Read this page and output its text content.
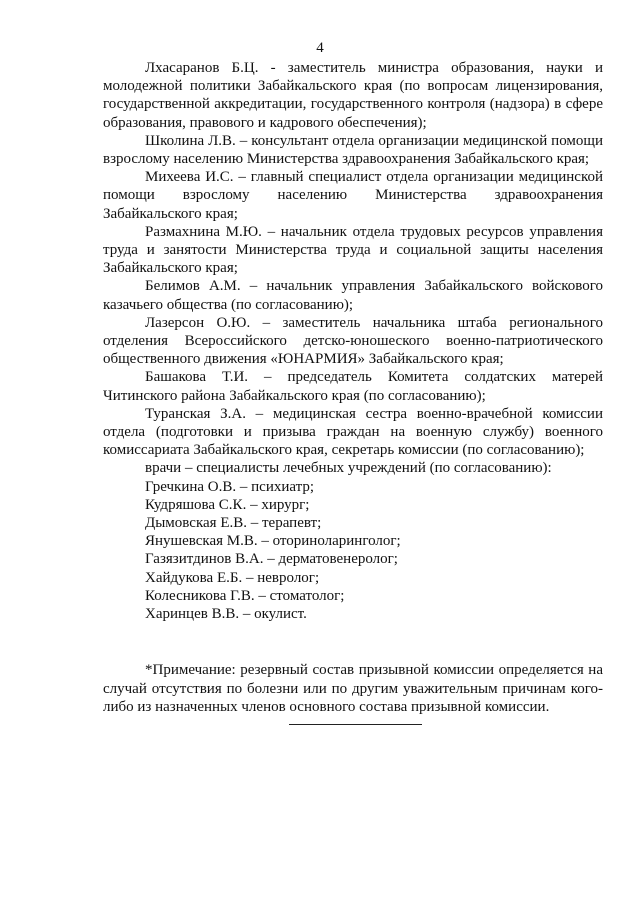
4

Лхасаранов Б.Ц. - заместитель министра образования, науки и молодежной политики Забайкальского края (по вопросам лицензирования, государственной аккредитации, государственного контроля (надзора) в сфере образования, правового и кадрового обеспечения);

Школина Л.В. – консультант отдела организации медицинской помощи взрослому населению Министерства здравоохранения Забайкальского края;

Михеева И.С. – главный специалист отдела организации медицинской помощи взрослому населению Министерства здравоохранения Забайкальского края;

Размахнина М.Ю. – начальник отдела трудовых ресурсов управления труда и занятости Министерства труда и социальной защиты населения Забайкальского края;

Белимов А.М. – начальник управления Забайкальского войскового казачьего общества (по согласованию);

Лазерсон О.Ю. – заместитель начальника штаба регионального отделения Всероссийского детско-юношеского военно-патриотического общественного движения «ЮНАРМИЯ» Забайкальского края;

Башакова Т.И. – председатель Комитета солдатских матерей Читинского района Забайкальского края (по согласованию);

Туранская З.А. – медицинская сестра военно-врачебной комиссии отдела (подготовки и призыва граждан на военную службу) военного комиссариата Забайкальского края, секретарь комиссии (по согласованию);

врачи – специалисты лечебных учреждений (по согласованию):

Гречкина О.В. – психиатр;

Кудряшова С.К. – хирург;

Дымовская Е.В. – терапевт;

Янушевская М.В. – оториноларинголог;

Газязитдинов В.А. – дерматовенеролог;

Хайдукова Е.Б. – невролог;

Колесникова Г.В. – стоматолог;

Харинцев В.В. – окулист.

*Примечание: резервный состав призывной комиссии определяется на случай отсутствия по болезни или по другим уважительным причинам кого-либо из назначенных членов основного состава призывной комиссии.
